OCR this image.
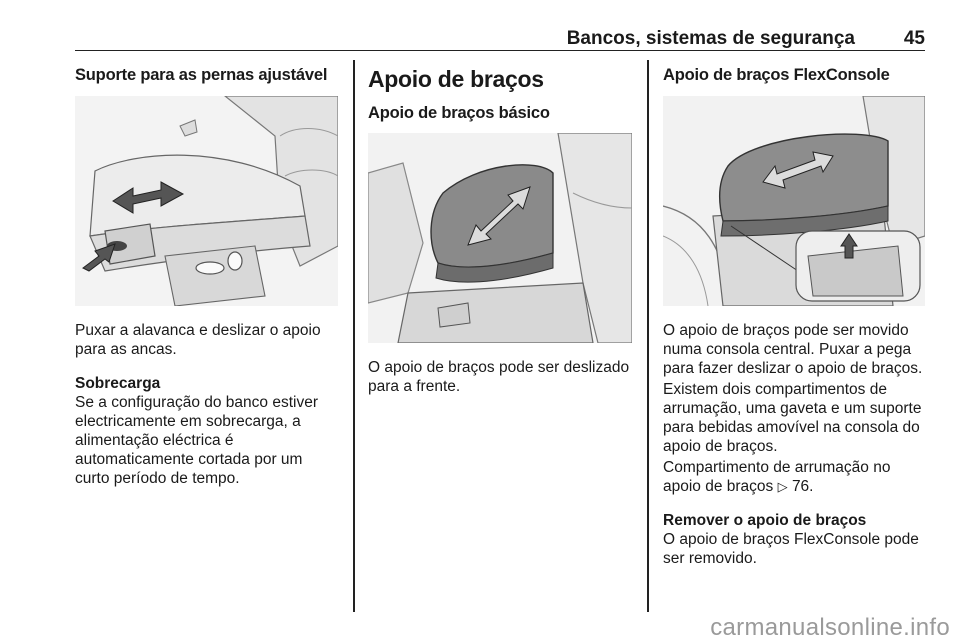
Bancos, sistemas de segurança	45
Suporte para as pernas ajustável

Puxar a alavanca e deslizar o apoio para as ancas.

Sobrecarga

Se a configuração do banco estiver electricamente em sobrecarga, a alimentação eléctrica é automaticamente cortada por um curto período de tempo.

Apoio de braços
Apoio de braços básico

O apoio de braços pode ser deslizado para a frente.

Apoio de braços FlexConsole

O apoio de braços pode ser movido numa consola central. Puxar a pega para fazer deslizar o apoio de braços.

Existem dois compartimentos de arrumação, uma gaveta e um suporte para bebidas amovível na consola do apoio de braços.

Compartimento de arrumação no apoio de braços ▷ 76.

Remover o apoio de braços

O apoio de braços FlexConsole pode ser removido.

carmanualsonline.info
